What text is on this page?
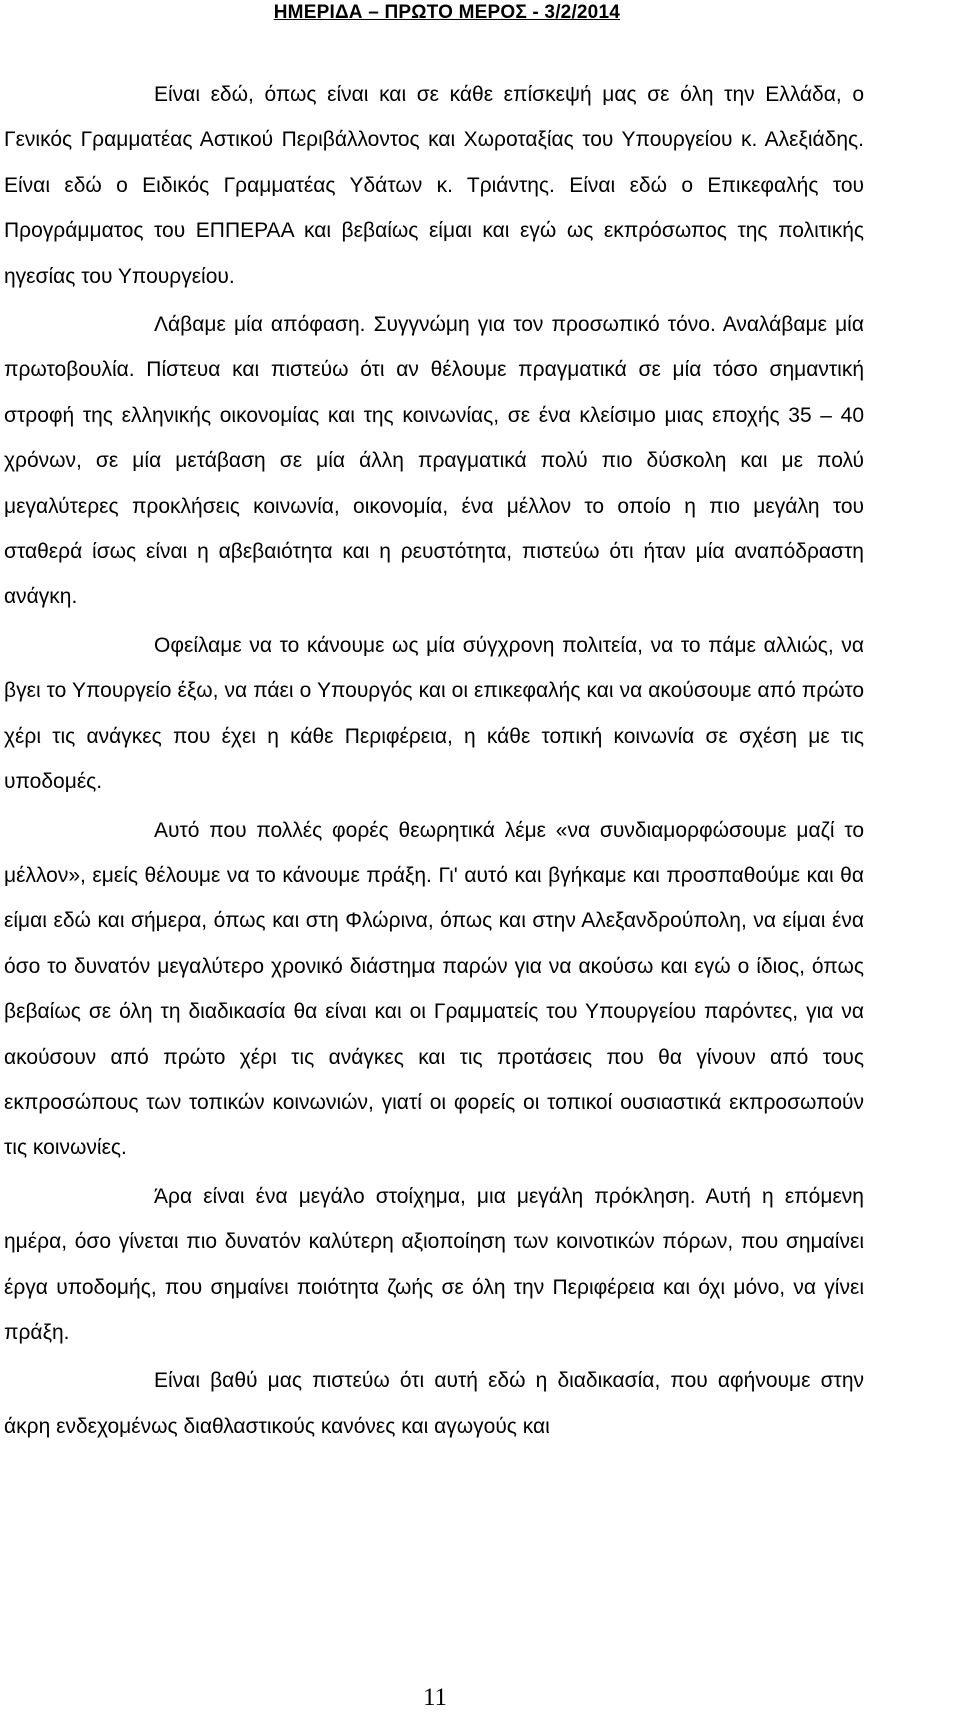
ΗΜΕΡΙΔΑ – ΠΡΩΤΟ ΜΕΡΟΣ - 3/2/2014

Είναι εδώ, όπως είναι και σε κάθε επίσκεψή μας σε όλη την Ελλάδα, ο Γενικός Γραμματέας Αστικού Περιβάλλοντος και Χωροταξίας του Υπουργείου κ. Αλεξιάδης. Είναι εδώ ο Ειδικός Γραμματέας Υδάτων κ. Τριάντης. Είναι εδώ ο Επικεφαλής του Προγράμματος του ΕΠΠΕΡΑΑ και βεβαίως είμαι και εγώ ως εκπρόσωπος της πολιτικής ηγεσίας του Υπουργείου.

Λάβαμε μία απόφαση. Συγγνώμη για τον προσωπικό τόνο. Αναλάβαμε μία πρωτοβουλία. Πίστευα και πιστεύω ότι αν θέλουμε πραγματικά σε μία τόσο σημαντική στροφή της ελληνικής οικονομίας και της κοινωνίας, σε ένα κλείσιμο μιας εποχής 35 – 40 χρόνων, σε μία μετάβαση σε μία άλλη πραγματικά πολύ πιο δύσκολη και με πολύ μεγαλύτερες προκλήσεις κοινωνία, οικονομία, ένα μέλλον το οποίο η πιο μεγάλη του σταθερά ίσως είναι η αβεβαιότητα και η ρευστότητα, πιστεύω ότι ήταν μία αναπόδραστη ανάγκη.

Οφείλαμε να το κάνουμε ως μία σύγχρονη πολιτεία, να το πάμε αλλιώς, να βγει το Υπουργείο έξω, να πάει ο Υπουργός και οι επικεφαλής και να ακούσουμε από πρώτο χέρι τις ανάγκες που έχει η κάθε Περιφέρεια, η κάθε τοπική κοινωνία σε σχέση με τις υποδομές.

Αυτό που πολλές φορές θεωρητικά λέμε «να συνδιαμορφώσουμε μαζί το μέλλον», εμείς θέλουμε να το κάνουμε πράξη. Γι' αυτό και βγήκαμε και προσπαθούμε και θα είμαι εδώ και σήμερα, όπως και στη Φλώρινα, όπως και στην Αλεξανδρούπολη, να είμαι ένα όσο το δυνατόν μεγαλύτερο χρονικό διάστημα παρών για να ακούσω και εγώ ο ίδιος, όπως βεβαίως σε όλη τη διαδικασία θα είναι και οι Γραμματείς του Υπουργείου παρόντες, για να ακούσουν από πρώτο χέρι τις ανάγκες και τις προτάσεις που θα γίνουν από τους εκπροσώπους των τοπικών κοινωνιών, γιατί οι φορείς οι τοπικοί ουσιαστικά εκπροσωπούν τις κοινωνίες.

Άρα είναι ένα μεγάλο στοίχημα, μια μεγάλη πρόκληση. Αυτή η επόμενη ημέρα, όσο γίνεται πιο δυνατόν καλύτερη αξιοποίηση των κοινοτικών πόρων, που σημαίνει έργα υποδομής, που σημαίνει ποιότητα ζωής σε όλη την Περιφέρεια και όχι μόνο, να γίνει πράξη.

Είναι βαθύ μας πιστεύω ότι αυτή εδώ η διαδικασία, που αφήνουμε στην άκρη ενδεχομένως διαθλαστικούς κανόνες και αγωγούς και

11
